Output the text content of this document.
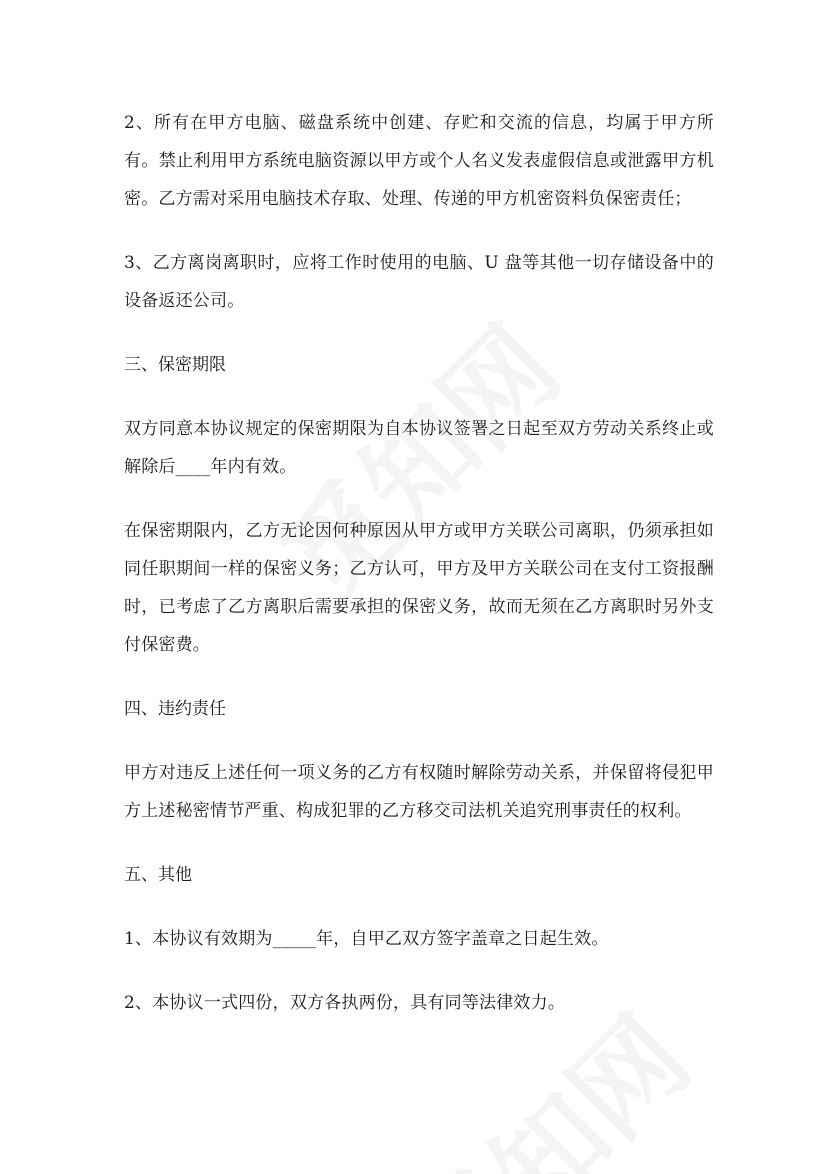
2、所有在甲方电脑、磁盘系统中创建、存贮和交流的信息，均属于甲方所有。禁止利用甲方系统电脑资源以甲方或个人名义发表虚假信息或泄露甲方机密。乙方需对采用电脑技术存取、处理、传递的甲方机密资料负保密责任；

3、乙方离岗离职时，应将工作时使用的电脑、U 盘等其他一切存储设备中的设备返还公司。

三、保密期限

双方同意本协议规定的保密期限为自本协议签署之日起至双方劳动关系终止或解除后____年内有效。

在保密期限内，乙方无论因何种原因从甲方或甲方关联公司离职，仍须承担如同任职期间一样的保密义务；乙方认可，甲方及甲方关联公司在支付工资报酬时，已考虑了乙方离职后需要承担的保密义务，故而无须在乙方离职时另外支付保密费。

四、违约责任

甲方对违反上述任何一项义务的乙方有权随时解除劳动关系，并保留将侵犯甲方上述秘密情节严重、构成犯罪的乙方移交司法机关追究刑事责任的权利。

五、其他

1、本协议有效期为_____年，自甲乙双方签字盖章之日起生效。

2、本协议一式四份，双方各执两份，具有同等法律效力。
